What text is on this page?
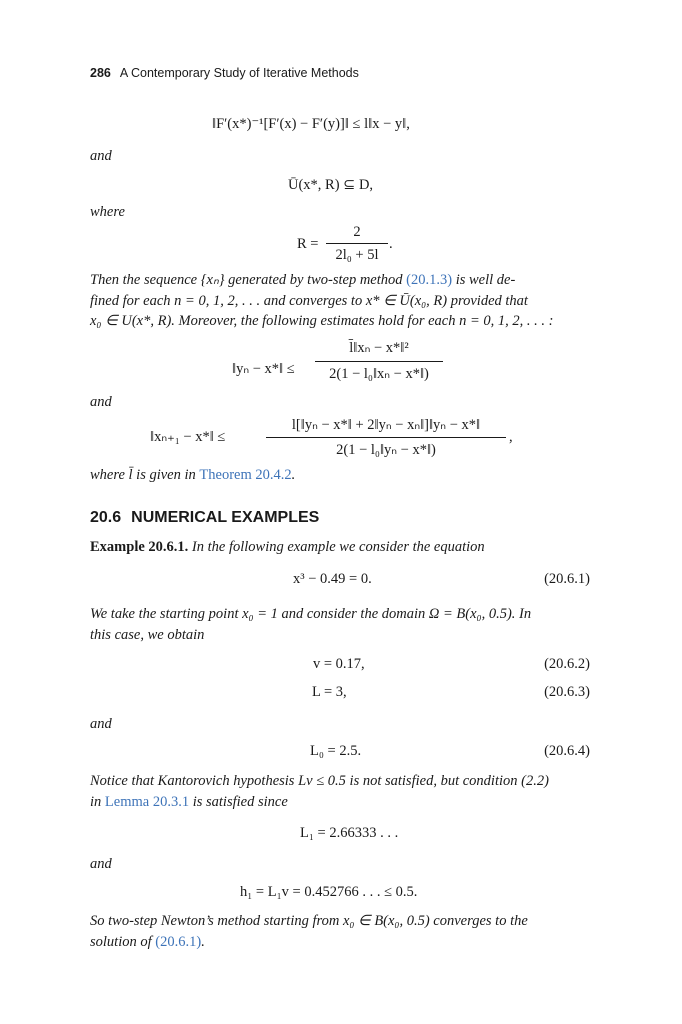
286 A Contemporary Study of Iterative Methods
‖F′(x*)⁻¹[F′(x) − F′(y)]‖ ≤ l‖x − y‖,
and
Ū(x*, R) ⊆ D,
where
R =
2
2l₀ + 5l
.
Then the sequence {xₙ} generated by two-step method (20.1.3) is well de-
fined for each n = 0, 1, 2, . . . and converges to x* ∈ Ū(x₀, R) provided that
x₀ ∈ U(x*, R). Moreover, the following estimates hold for each n = 0, 1, 2, . . . :
‖yₙ − x*‖ ≤
l̄‖xₙ − x*‖²
2(1 − l₀‖xₙ − x*‖)
and
‖xₙ₊₁ − x*‖ ≤
l[‖yₙ − x*‖ + 2‖yₙ − xₙ‖]‖yₙ − x*‖
2(1 − l₀‖yₙ − x*‖)
,
where l̄ is given in Theorem 20.4.2.
20.6 NUMERICAL EXAMPLES
Example 20.6.1. In the following example we consider the equation
x³ − 0.49 = 0.	(20.6.1)
We take the starting point x₀ = 1 and consider the domain Ω = B(x₀, 0.5). In
this case, we obtain
v = 0.17,	(20.6.2)
L = 3,	(20.6.3)
and
L₀ = 2.5.	(20.6.4)
Notice that Kantorovich hypothesis Lv ≤ 0.5 is not satisfied, but condition (2.2)
in Lemma 20.3.1 is satisfied since
L₁ = 2.66333 . . .
and
h₁ = L₁v = 0.452766 . . . ≤ 0.5.
So two-step Newton’s method starting from x₀ ∈ B(x₀, 0.5) converges to the
solution of (20.6.1).
